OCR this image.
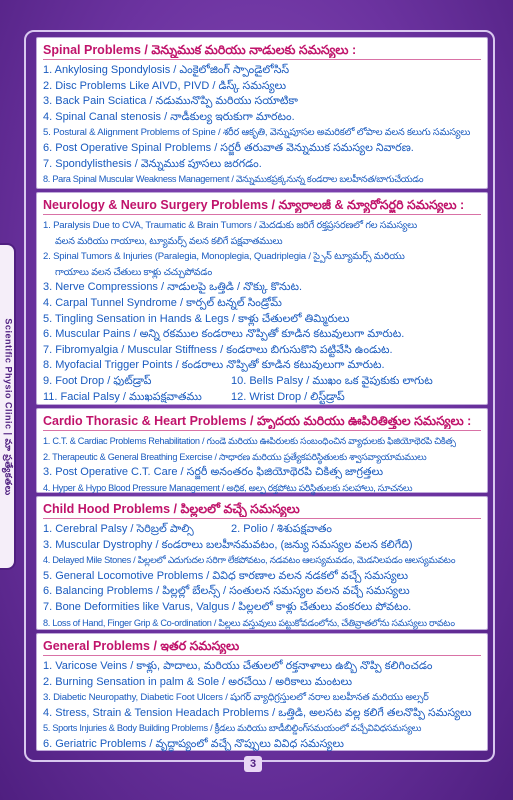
Scientific Physio Clinic | మా ప్రత్యేకతలు
Spinal Problems / వెన్నుముక మరియు నాడులకు సమస్యలు :
1. Ankylosing Spondylosis / ఎంకైలోజింగ్ స్పాండైలోసిస్
2. Disc Problems Like AIVD, PIVD / డిస్క్ సమస్యలు
3. Back Pain Sciatica / నడుమునొప్పి మరియు సయాటికా
4. Spinal Canal stenosis / నాడీకుల్య ఇరుకుగా మారటం.
5. Postural & Alignment Problems of Spine / శరీర ఆకృతి, వెన్నుపూసల అమరికలో లోపాల వలన కలుగు సమస్యలు
6. Post Operative Spinal Problems / సర్జరీ తరువాత వెన్నుముక సమస్యల నివారణ.
7. Spondylisthesis / వెన్నుముక పూసలు జరగడం.
8. Para Spinal Muscular Weakness Management / వెన్నుముకప్రక్కనున్న కండరాల బలహీనత/బాగుచేయడం
Neurology & Neuro Surgery Problems / న్యూరాలజీ & న్యూరోసర్జరి సమస్యలు :
1. Paralysis Due to CVA, Traumatic & Brain Tumors / మెదడుకు జరిగే రక్తప్రసరణలో గల సమస్యలు
వలన మరియు గాయాలు, ట్యూమర్స్ వలన కలిగే పక్షవాతములు
2. Spinal Tumors & Injuries (Paralegia, Monoplegia, Quadriplegia / స్పైన్ ట్యూమర్స్ మరియు
గాయాలు వలన చేతులు కాళ్లు చచ్చుపోవడం
3. Nerve Compressions / నాడులపై ఒత్తిడి / నొక్కు కొనుట.
4. Carpal Tunnel Syndrome / కార్పల్ టన్నల్ సిండ్రోమ్
5. Tingling Sensation in Hands & Legs / కాళ్లు చేతులలో తిమ్మిరులు
6. Muscular Pains / అన్ని రకముల కండరాలు నొప్పితో కూడిన కటువులుగా మారుట.
7. Fibromyalgia / Muscular Stiffness / కండరాలు బిగుసుకొని పట్టివేసి ఉండుట.
8. Myofacial Trigger Points / కండరాలు నొప్పితో కూడిన కటువులుగా మారుట.
9. Foot Drop / ఫుట్‌డ్రాప్	10. Bells Palsy / ముఖం ఒక వైపుకుకు లాగుట
11. Facial Palsy / ముఖపక్షవాతము	12. Wrist Drop / లిస్ట్‌డ్రాప్
Cardio Thorasic & Heart Problems / హృదయ మరియు ఊపిరితిత్తుల సమస్యలు :
1. C.T. & Cardiac Problems Rehabilitation / గుండె మరియు ఊపిరులకు సంబంధించిన వ్యాధులకు ఫిజియోథెరపి చికిత్స
2. Therapeutic & General Breathing Exercise / సాధారణ మరియు ప్రత్యేకపరిస్థితులకు శ్వాసవ్యాయామములు
3. Post Operative C.T. Care / సర్జరీ అనంతరం ఫిజియోథెరపి చికిత్స జాగ్రత్తలు
4. Hyper & Hypo Blood Pressure Management / అధిక, అల్ప రక్తపోటు పరిస్థితులకు సలహాలు, సూచనలు
Child Hood Problems / పిల్లలలో వచ్చే సమస్యలు
1. Cerebral Palsy / సెరిబ్రల్ పాల్సి	2. Polio / శిశుపక్షవాతం
3. Muscular Dystrophy / కండరాలు బలహీనమవటం, (జన్యు సమస్యల వలన కలిగేది)
4. Delayed Mile Stones / పిల్లలలో ఎదుగుదల సరిగా లేకపోవటం, నడవటం ఆలస్యమవడం, మెడనిలపడం ఆలస్యమవటం
5. General Locomotive Problems / వివిధ కారణాల వలన నడకలో వచ్చే సమస్యలు
6. Balancing Problems / పిల్లల్లో బేలన్స్ / సంతులన సమస్యల వలన వచ్చే సమస్యలు
7. Bone Deformities like Varus, Valgus / పిల్లలలో కాళ్లు చేతులు వంకరలు పోవటం.
8. Loss of Hand, Finger Grip & Co-ordination / పిల్లలు వస్తువులు పట్టుకోవడంలోను, చేతివ్రాతలోను సమస్యలు రావటం
General Problems / ఇతర సమస్యలు
1. Varicose Veins / కాళ్లు, పాదాలు, మరియు చేతులలో రక్తనాళాలు ఉబ్బి నొప్పి కలిగించడం
2. Burning Sensation in palm & Sole / అరచేయి / అరికాలు మంటలు
3. Diabetic Neuropathy, Diabetic Foot Ulcers / షుగర్ వ్యాధిగ్రస్తులలో నరాల బలహీనత మరియు అల్సర్
4. Stress, Strain & Tension Headach Problems / ఒత్తిడి, అలసట వల్ల కలిగే తలనొప్పి సమస్యలు
5. Sports Injuries & Body Building Problems / క్రీడలు మరియు బాడీబిల్డింగ్‌సమయంలో వచ్చేవివిధసమస్యలు
6. Geriatric Problems / వృద్ధాప్యంలో వచ్చే నొప్పులు వివిధ సమస్యలు
3
